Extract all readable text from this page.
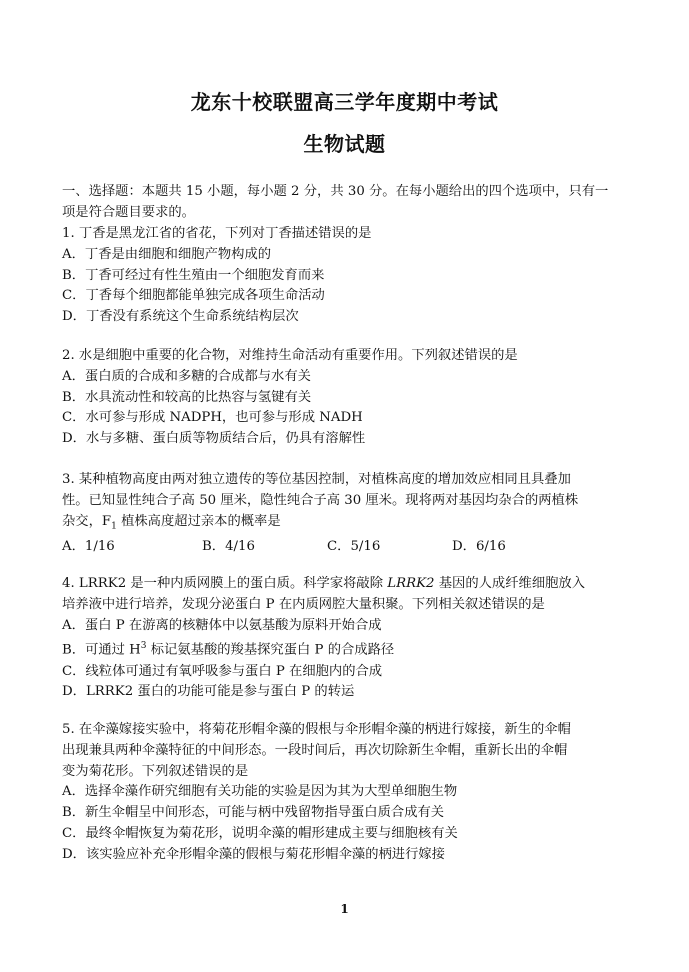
龙东十校联盟高三学年度期中考试
生物试题
一、选择题：本题共 15 小题，每小题 2 分，共 30 分。在每小题给出的四个选项中，只有一
项是符合题目要求的。
1. 丁香是黑龙江省的省花，下列对丁香描述错误的是
A．丁香是由细胞和细胞产物构成的
B．丁香可经过有性生殖由一个细胞发育而来
C．丁香每个细胞都能单独完成各项生命活动
D．丁香没有系统这个生命系统结构层次
2. 水是细胞中重要的化合物，对维持生命活动有重要作用。下列叙述错误的是
A．蛋白质的合成和多糖的合成都与水有关
B．水具流动性和较高的比热容与氢键有关
C．水可参与形成 NADPH，也可参与形成 NADH
D．水与多糖、蛋白质等物质结合后，仍具有溶解性
3. 某种植物高度由两对独立遗传的等位基因控制，对植株高度的增加效应相同且具叠加
性。已知显性纯合子高 50 厘米，隐性纯合子高 30 厘米。现将两对基因均杂合的两植株
杂交，$F_1$ 植株高度超过亲本的概率是
A．1/16	B．4/16	C．5/16	D．6/16
4. LRRK2 是一种内质网膜上的蛋白质。科学家将敲除 LRRK2 基因的人成纤维细胞放入
培养液中进行培养，发现分泌蛋白 P 在内质网腔大量积聚。下列相关叙述错误的是
A．蛋白 P 在游离的核糖体中以氨基酸为原料开始合成
B．可通过 $H^3$ 标记氨基酸的羧基探究蛋白 P 的合成路径
C．线粒体可通过有氧呼吸参与蛋白 P 在细胞内的合成
D．LRRK2 蛋白的功能可能是参与蛋白 P 的转运
5. 在伞藻嫁接实验中，将菊花形帽伞藻的假根与伞形帽伞藻的柄进行嫁接，新生的伞帽
出现兼具两种伞藻特征的中间形态。一段时间后，再次切除新生伞帽，重新长出的伞帽
变为菊花形。下列叙述错误的是
A．选择伞藻作研究细胞有关功能的实验是因为其为大型单细胞生物
B．新生伞帽呈中间形态，可能与柄中残留物指导蛋白质合成有关
C．最终伞帽恢复为菊花形，说明伞藻的帽形建成主要与细胞核有关
D．该实验应补充伞形帽伞藻的假根与菊花形帽伞藻的柄进行嫁接
1
